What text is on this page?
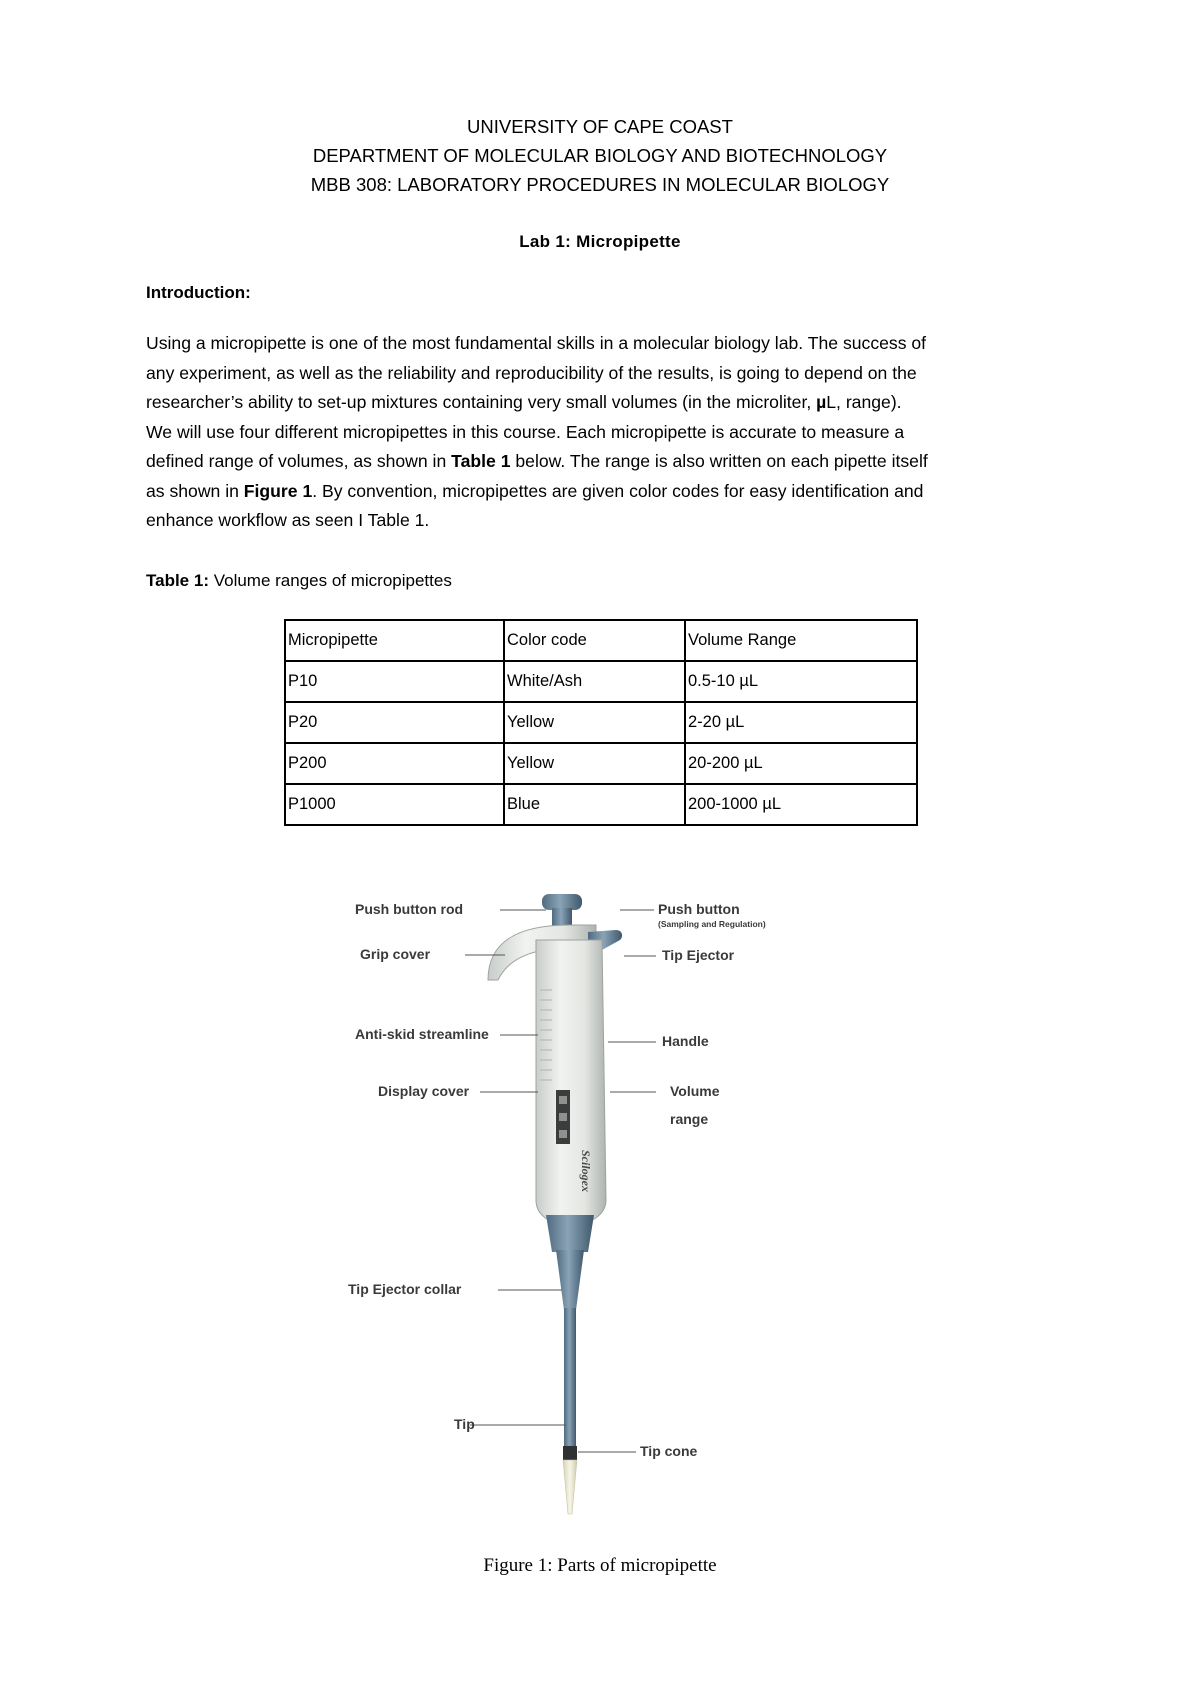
UNIVERSITY OF CAPE COAST
DEPARTMENT OF MOLECULAR BIOLOGY AND BIOTECHNOLOGY
MBB 308: LABORATORY PROCEDURES IN MOLECULAR BIOLOGY
Lab 1: Micropipette
Introduction:

Using a micropipette is one of the most fundamental skills in a molecular biology lab. The success of

any experiment, as well as the reliability and reproducibility of the results, is going to depend on the

researcher’s ability to set-up mixtures containing very small volumes (in the microliter, µL, range).

We will use four different micropipettes in this course. Each micropipette is accurate to measure a

defined range of volumes, as shown in Table 1 below. The range is also written on each pipette itself

as shown in Figure 1. By convention, micropipettes are given color codes for easy identification and

enhance workflow as seen I Table 1.

Table 1: Volume ranges of micropipettes
Micropipette	Color code	Volume Range
P10	White/Ash	0.5-10 µL
P20	Yellow	2-20 µL
P200	Yellow	20-200 µL
P1000	Blue	200-1000 µL
Scilogex
Push button rod
Grip cover
Anti-skid streamline
Display cover
Tip Ejector collar
Tip
Push button
(Sampling and Regulation)
Tip Ejector
Handle
Volume
range
Tip cone
Figure 1: Parts of micropipette
